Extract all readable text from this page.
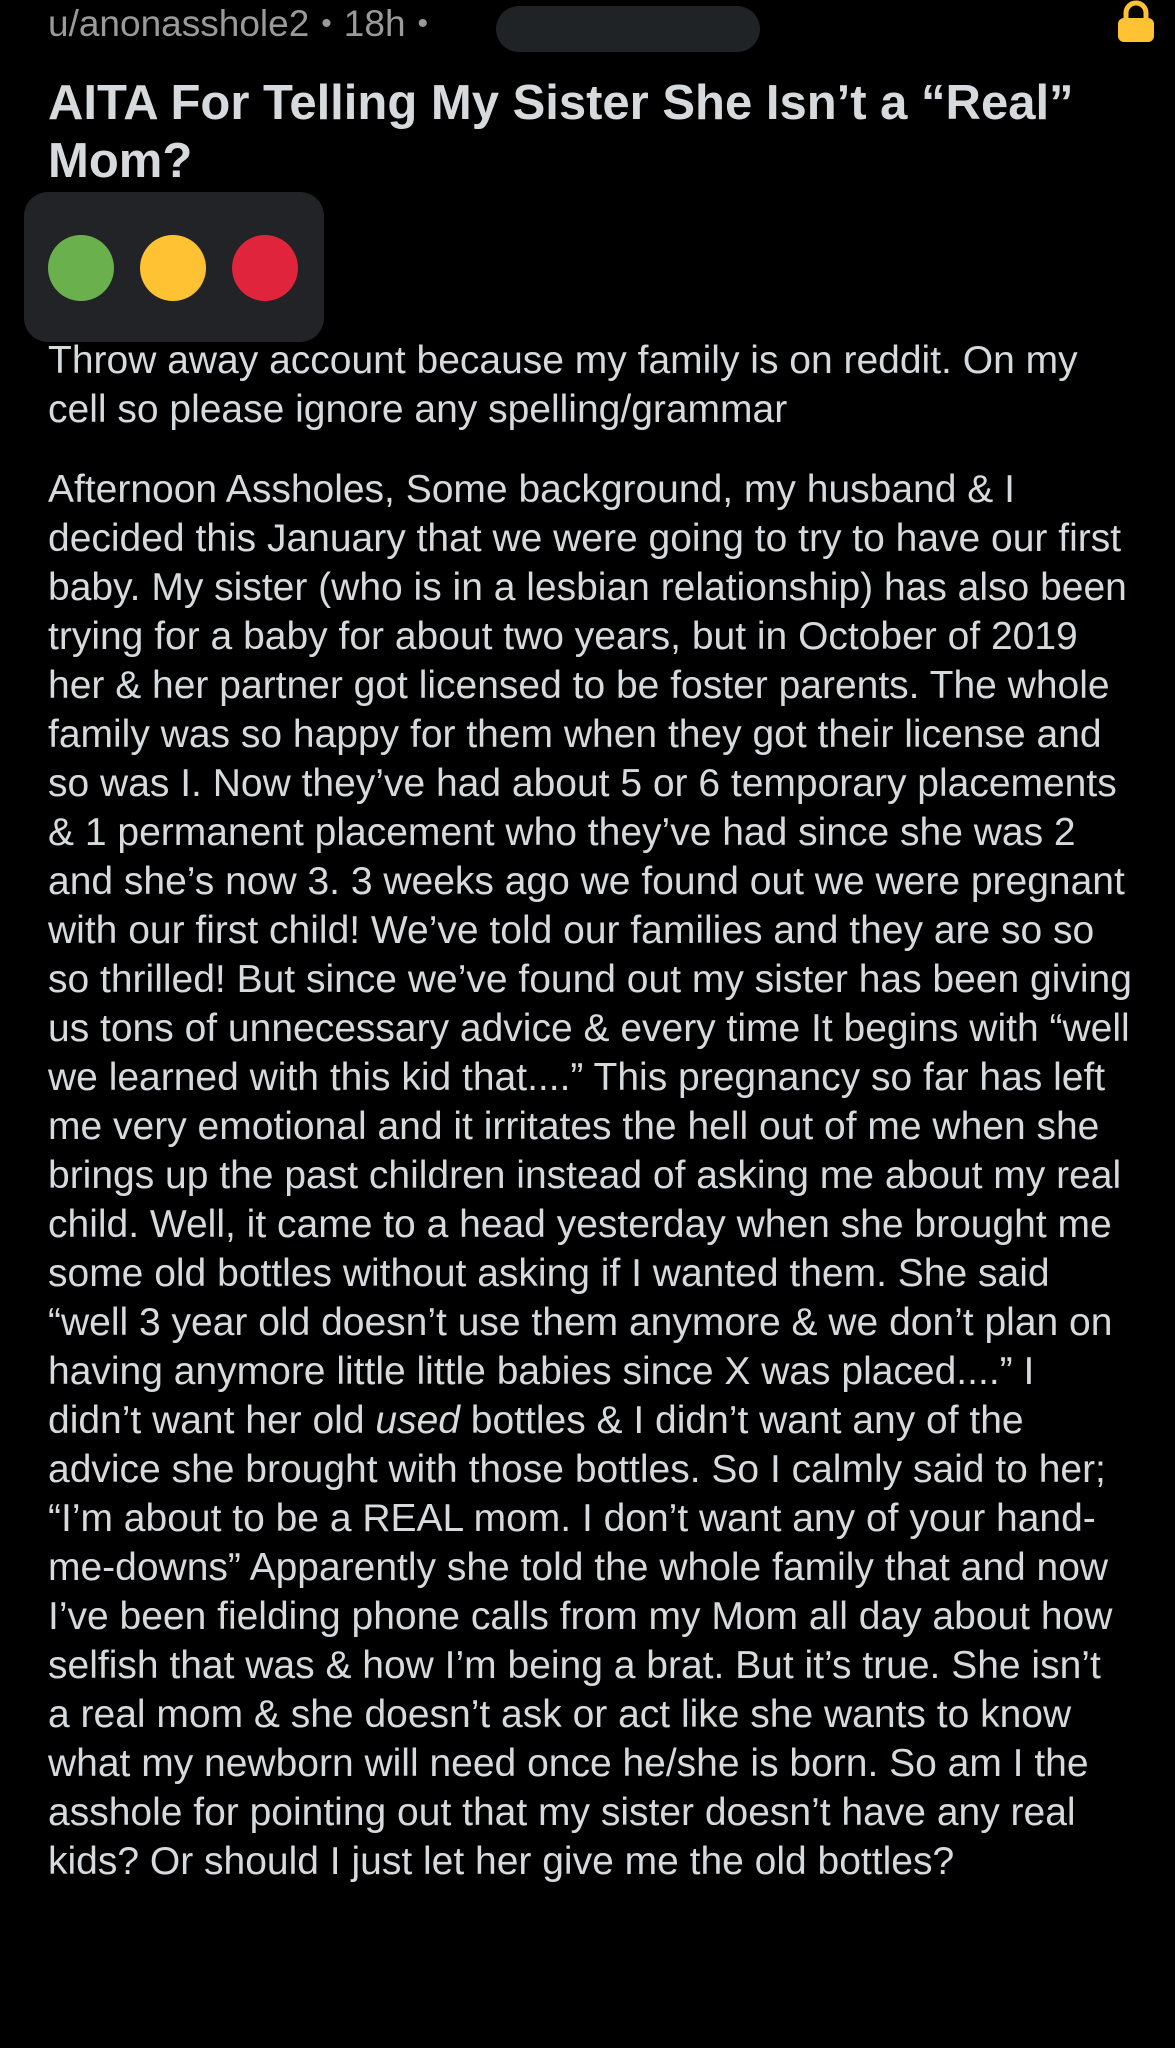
u/anonasshole2 • 18h •
AITA For Telling My Sister She Isn’t a “Real” Mom?

Throw away account because my family is on reddit. On my cell so please ignore any spelling/grammar

Afternoon Assholes, Some background, my husband & I decided this January that we were going to try to have our first baby. My sister (who is in a lesbian relationship) has also been trying for a baby for about two years, but in October of 2019 her & her partner got licensed to be foster parents. The whole family was so happy for them when they got their license and so was I. Now they’ve had about 5 or 6 temporary placements & 1 permanent placement who they’ve had since she was 2 and she’s now 3. 3 weeks ago we found out we were pregnant with our first child! We’ve told our families and they are so so so thrilled! But since we’ve found out my sister has been giving us tons of unnecessary advice & every time It begins with “well we learned with this kid that....” This pregnancy so far has left me very emotional and it irritates the hell out of me when she brings up the past children instead of asking me about my real child. Well, it came to a head yesterday when she brought me some old bottles without asking if I wanted them. She said “well 3 year old doesn’t use them anymore & we don’t plan on having anymore little little babies since X was placed....” I didn’t want her old used bottles & I didn’t want any of the advice she brought with those bottles. So I calmly said to her; “I’m about to be a REAL mom. I don’t want any of your hand-me-downs” Apparently she told the whole family that and now I’ve been fielding phone calls from my Mom all day about how selfish that was & how I’m being a brat. But it’s true. She isn’t a real mom & she doesn’t ask or act like she wants to know what my newborn will need once he/she is born. So am I the asshole for pointing out that my sister doesn’t have any real kids? Or should I just let her give me the old bottles?
